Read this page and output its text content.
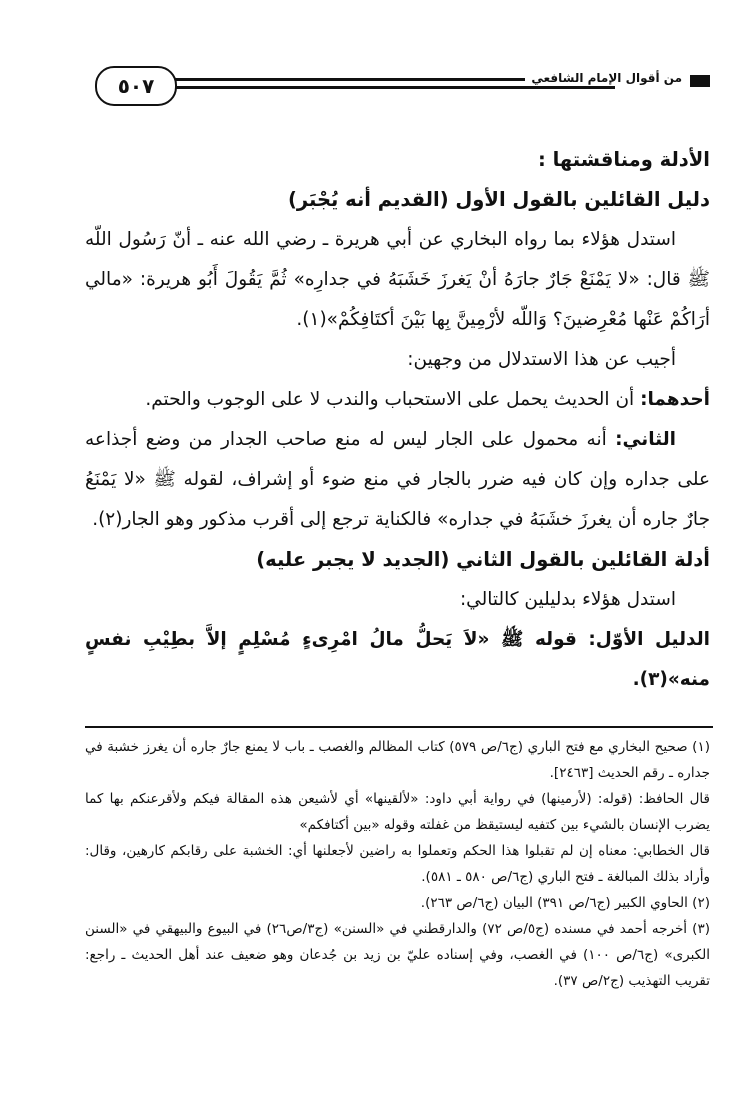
من أقوال الإمام الشافعي
٥٠٧

الأدلة ومناقشتها :

دليل القائلين بالقول الأول (القديم أنه يُجْبَر)

استدل هؤلاء بما رواه البخاري عن أبي هريرة ـ رضي الله عنه ـ أنّ رَسُول اللّه ﷺ قال: «لا يَمْنَعْ جَارٌ جارَهُ أنْ يَغرزَ خَشَبَهُ في جدارِه» ثُمَّ يَقُولَ أَبُو هريرة: «مالي أرَاكُمْ عَنْها مُعْرِضينَ؟ وَاللّه لأرْمِينَّ بِها بَيْنَ أكتَافِكُمْ»(١).

أجيب عن هذا الاستدلال من وجهين:

أحدهما: أن الحديث يحمل على الاستحباب والندب لا على الوجوب والحتم.

الثاني: أنه محمول على الجار ليس له منع صاحب الجدار من وضع أجذاعه على جداره وإن كان فيه ضرر بالجار في منع ضوء أو إشراف، لقوله ﷺ «لا يَمْنَعُ جارٌ جاره أن يغرزَ خشَبَهُ في جداره» فالكناية ترجع إلى أقرب مذكور وهو الجار(٢).

أدلة القائلين بالقول الثاني (الجديد لا يجبر عليه)

استدل هؤلاء بدليلين كالتالي:

الدليل الأوّل: قوله ﷺ «لاَ يَحلُّ مالُ امْرِىءٍ مُسْلِمٍ إلاَّ بطِيْبِ نفسٍ منه»(٣).

(١) صحيح البخاري مع فتح الباري (ج٦/ص ٥٧٩) كتاب المظالم والغصب ـ باب لا يمنع جارٌ جاره أن يغرز خشبة في جداره ـ رقم الحديث [٢٤٦٣].

قال الحافظ: (قوله: (لأرمينها) في رواية أبي داود: «لألقينها» أي لأشيعن هذه المقالة فيكم ولأقرعنكم بها كما يضرب الإنسان بالشيء بين كتفيه ليستيقظ من غفلته وقوله «بين أكتافكم»

قال الخطابي: معناه إن لم تقبلوا هذا الحكم وتعملوا به راضين لأجعلنها أي: الخشبة على رقابكم كارهين، وقال: وأراد بذلك المبالغة ـ فتح الباري (ج٦/ص ٥٨٠ ـ ٥٨١).

(٢) الحاوي الكبير (ج٦/ص ٣٩١) البيان (ج٦/ص ٢٦٣).

(٣) أخرجه أحمد في مسنده (ج٥/ص ٧٢) والدارقطني في «السنن» (ج٣/ص٢٦) في البيوع والبيهقي في «السنن الكبرى» (ج٦/ص ١٠٠) في الغصب، وفي إسناده عليّ بن زيد بن جُدعان وهو ضعيف عند أهل الحديث ـ راجع: تقريب التهذيب (ج٢/ص ٣٧).
